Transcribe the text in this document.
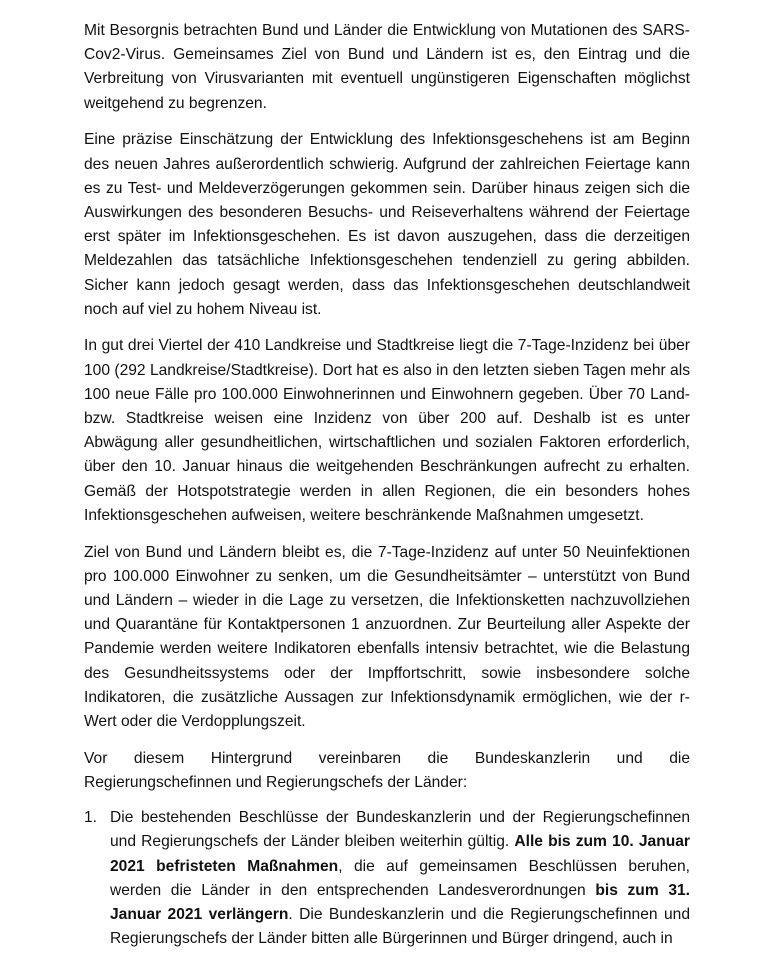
Mit Besorgnis betrachten Bund und Länder die Entwicklung von Mutationen des SARS-Cov2-Virus. Gemeinsames Ziel von Bund und Ländern ist es, den Eintrag und die Verbreitung von Virusvarianten mit eventuell ungünstigeren Eigenschaften möglichst weitgehend zu begrenzen.

Eine präzise Einschätzung der Entwicklung des Infektionsgeschehens ist am Beginn des neuen Jahres außerordentlich schwierig. Aufgrund der zahlreichen Feiertage kann es zu Test- und Meldeverzögerungen gekommen sein. Darüber hinaus zeigen sich die Auswirkungen des besonderen Besuchs- und Reiseverhaltens während der Feiertage erst später im Infektionsgeschehen. Es ist davon auszugehen, dass die derzeitigen Meldezahlen das tatsächliche Infektionsgeschehen tendenziell zu gering abbilden. Sicher kann jedoch gesagt werden, dass das Infektionsgeschehen deutschlandweit noch auf viel zu hohem Niveau ist.

In gut drei Viertel der 410 Landkreise und Stadtkreise liegt die 7-Tage-Inzidenz bei über 100 (292 Landkreise/Stadtkreise). Dort hat es also in den letzten sieben Tagen mehr als 100 neue Fälle pro 100.000 Einwohnerinnen und Einwohnern gegeben. Über 70 Land- bzw. Stadtkreise weisen eine Inzidenz von über 200 auf. Deshalb ist es unter Abwägung aller gesundheitlichen, wirtschaftlichen und sozialen Faktoren erforderlich, über den 10. Januar hinaus die weitgehenden Beschränkungen aufrecht zu erhalten. Gemäß der Hotspotstrategie werden in allen Regionen, die ein besonders hohes Infektionsgeschehen aufweisen, weitere beschränkende Maßnahmen umgesetzt.

Ziel von Bund und Ländern bleibt es, die 7-Tage-Inzidenz auf unter 50 Neuinfektionen pro 100.000 Einwohner zu senken, um die Gesundheitsämter – unterstützt von Bund und Ländern – wieder in die Lage zu versetzen, die Infektionsketten nachzuvollziehen und Quarantäne für Kontaktpersonen 1 anzuordnen. Zur Beurteilung aller Aspekte der Pandemie werden weitere Indikatoren ebenfalls intensiv betrachtet, wie die Belastung des Gesundheitssystems oder der Impffortschritt, sowie insbesondere solche Indikatoren, die zusätzliche Aussagen zur Infektionsdynamik ermöglichen, wie der r-Wert oder die Verdopplungszeit.

Vor diesem Hintergrund vereinbaren die Bundeskanzlerin und die
Regierungschefinnen und Regierungschefs der Länder:

1. Die bestehenden Beschlüsse der Bundeskanzlerin und der Regierungschefinnen und Regierungschefs der Länder bleiben weiterhin gültig. Alle bis zum 10. Januar 2021 befristeten Maßnahmen, die auf gemeinsamen Beschlüssen beruhen, werden die Länder in den entsprechenden Landesverordnungen bis zum 31. Januar 2021 verlängern. Die Bundeskanzlerin und die Regierungschefinnen und Regierungschefs der Länder bitten alle Bürgerinnen und Bürger dringend, auch in
